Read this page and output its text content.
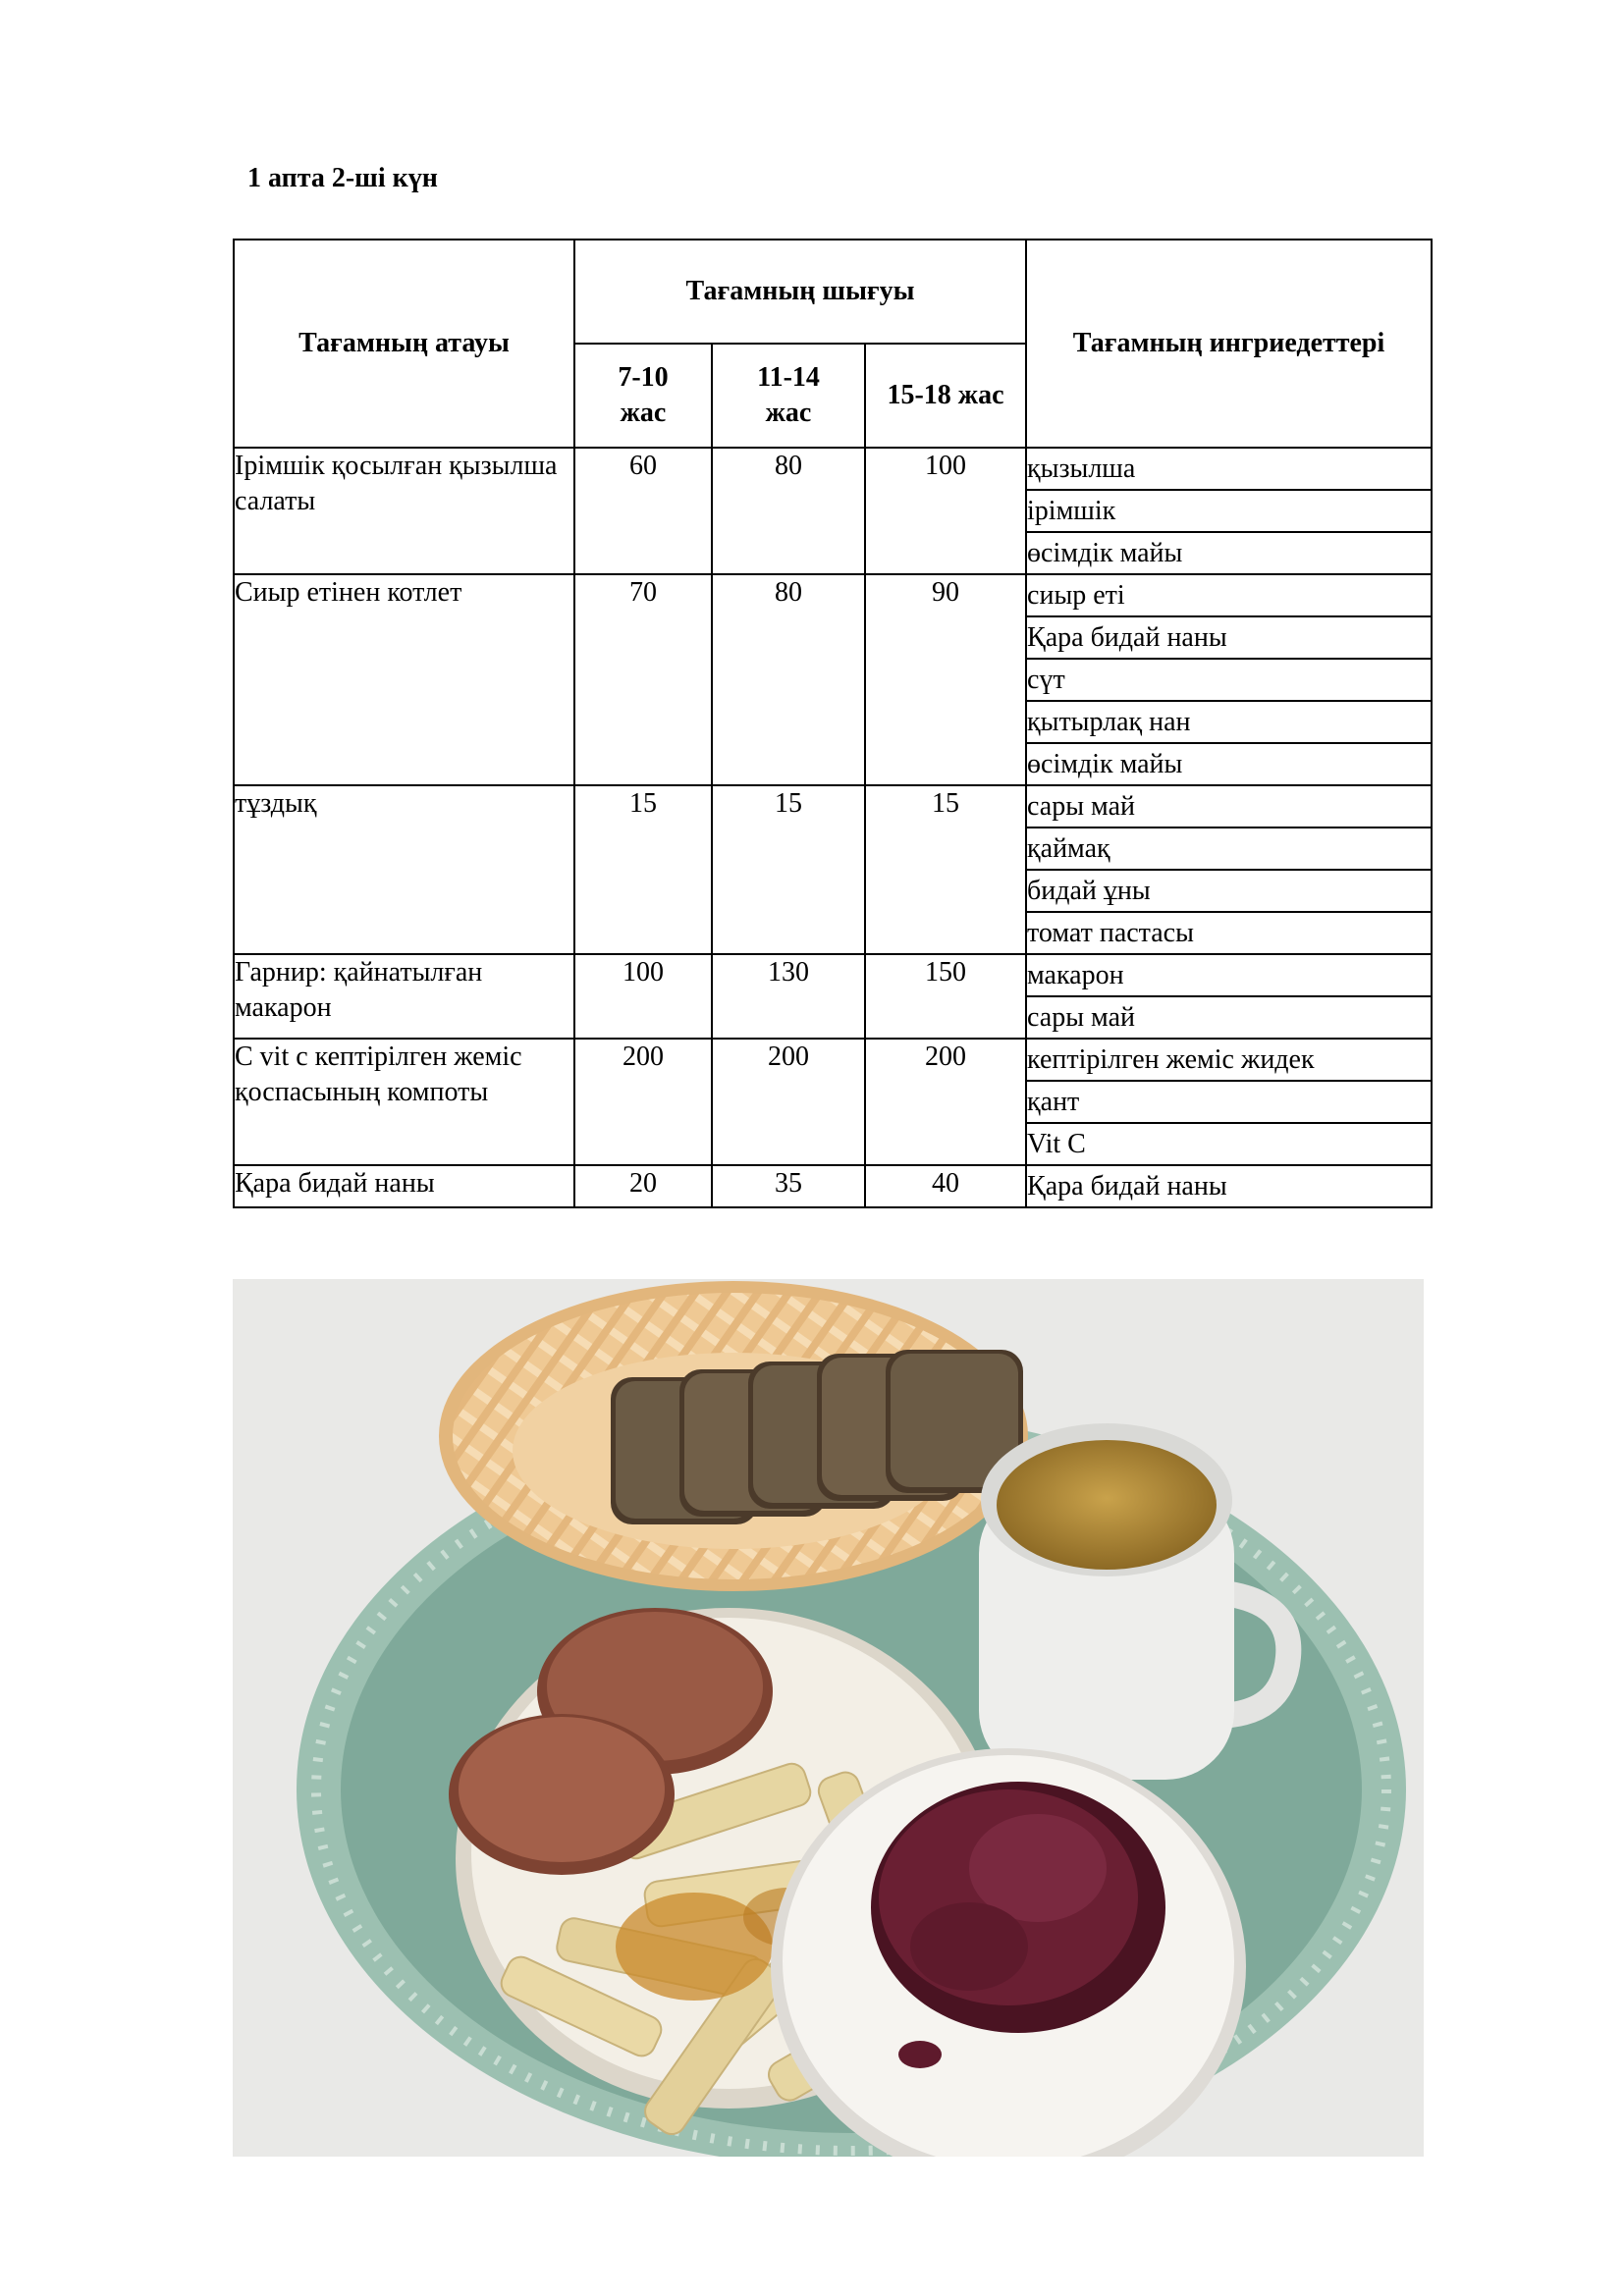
1 апта 2-ші күн
Тағамның атауы	Тағамның шығуы			Тағамның ингриедеттері
	7-10 жас	11-14 жас	15-18 жас	
Ірімшік қосылған қызылша салаты	60	80	100	қызылша
				ірімшік
				өсімдік майы
Сиыр етінен котлет	70	80	90	сиыр еті
				Қара бидай наны
				сүт
				қытырлақ нан
				өсімдік майы
тұздық	15	15	15	сары май
				қаймақ
				бидай ұны
				томат пастасы
Гарнир: қайнатылған макарон	100	130	150	макарон
				сары май
С vit с кептірілген жеміс қоспасының компоты	200	200	200	кептірілген жеміс жидек
				қант
				Vit C
Қара бидай наны	20	35	40	Қара бидай наны
